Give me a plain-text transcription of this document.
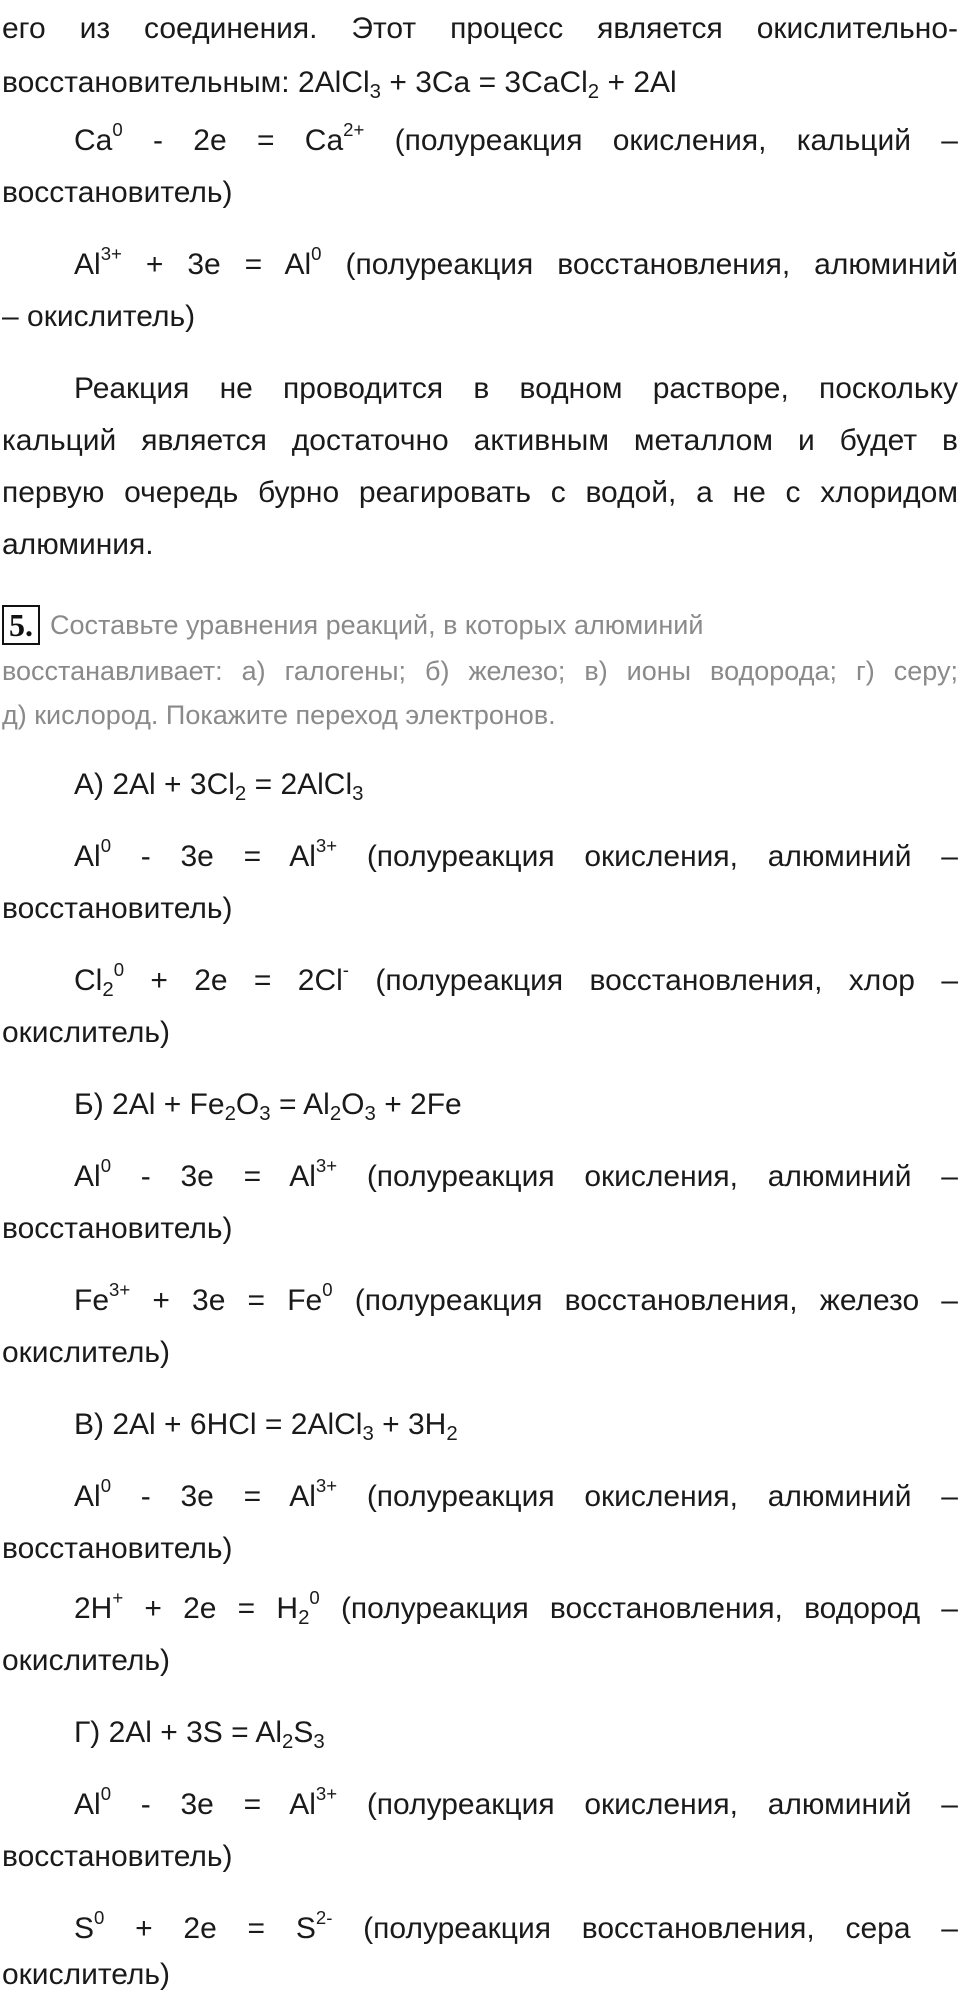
его из соединения. Этот процесс является окислительно-

восстановительным: 2AlCl$_3$ + 3Ca = 3CaCl$_2$ + 2Al

$Ca^0 - 2e = Ca^{2+}$ (полуреакция окисления, кальций –

восстановитель)

$Al^{3+} + 3e = Al^0$ (полуреакция восстановления, алюминий

– окислитель)

Реакция не проводится в водном растворе, поскольку

кальций является достаточно активным металлом и будет в

первую очередь бурно реагировать с водой, а не с хлоридом

алюминия.

5. Составьте уравнения реакций, в которых алюминий

восстанавливает: а) галогены; б) железо; в) ионы водорода; г) серу;

д) кислород. Покажите переход электронов.

А) $2Al + 3Cl_2$ = 2AlCl$_3$

$Al^0 - 3e = Al^{3+}$ (полуреакция окисления, алюминий –

восстановитель)

$Cl_2^0 + 2e = 2Cl^-$ (полуреакция восстановления, хлор –

окислитель)

Б) $2Al + Fe_2O_3 = Al_2O_3 + 2Fe$

$Al^0 - 3e = Al^{3+}$ (полуреакция окисления, алюминий –

восстановитель)

$Fe^{3+} + 3e = Fe^0$ (полуреакция восстановления, железо –

окислитель)

В) 2Al + 6HCl = 2AlCl$_3$ + $3H_2$

$Al^0 - 3e = Al^{3+}$ (полуреакция окисления, алюминий –

восстановитель)

$2H^+ + 2e = H_2^0$ (полуреакция восстановления, водород –

окислитель)

Г) $2Al + 3S = Al_2S_3$

$Al^0 - 3e = Al^{3+}$ (полуреакция окисления, алюминий –

восстановитель)

$S^0 + 2e = S^{2-}$ (полуреакция восстановления, сера –

окислитель)
